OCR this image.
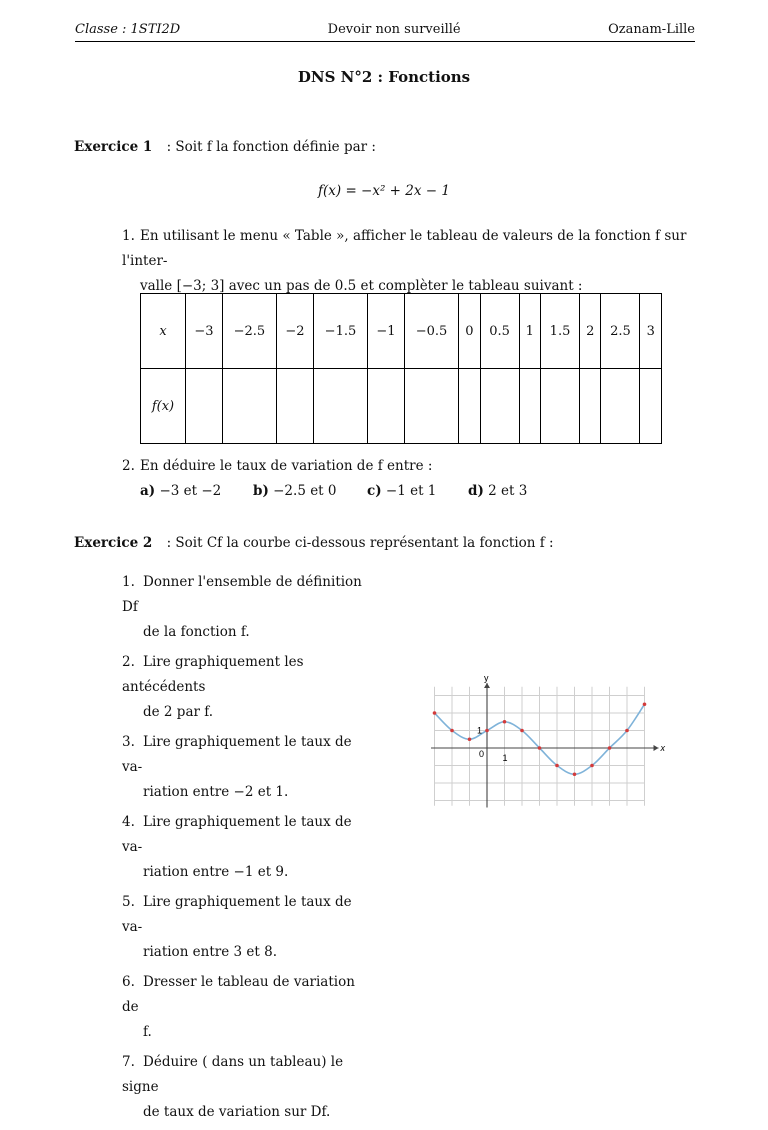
Classe : 1STI2D	Devoir non surveillé	Ozanam-Lille
DNS N°2 : Fonctions
Exercice 1 : Soit f la fonction définie par :
f(x) = −x² + 2x − 1
1. En utilisant le menu « Table », afficher le tableau de valeurs de la fonction f sur l'inter-
valle [−3; 3] avec un pas de 0.5 et complèter le tableau suivant :
x	−3	−2.5	−2	−1.5	−1	−0.5	0	0.5	1	1.5	2	2.5	3
f(x)													
2. En déduire le taux de variation de f entre :
a) −3 et −2	b) −2.5 et 0	c) −1 et 1	d) 2 et 3
Exercice 2 : Soit Cf la courbe ci-dessous représentant la fonction f :
1. Donner l'ensemble de définition Df
de la fonction f.
2. Lire graphiquement les antécédents
de 2 par f.
3. Lire graphiquement le taux de va-
riation entre −2 et 1.
4. Lire graphiquement le taux de va-
riation entre −1 et 9.
5. Lire graphiquement le taux de va-
riation entre 3 et 8.
6. Dresser le tableau de variation de
f.
7. Déduire ( dans un tableau) le signe
de taux de variation sur Df.
y
x
0 1
1
